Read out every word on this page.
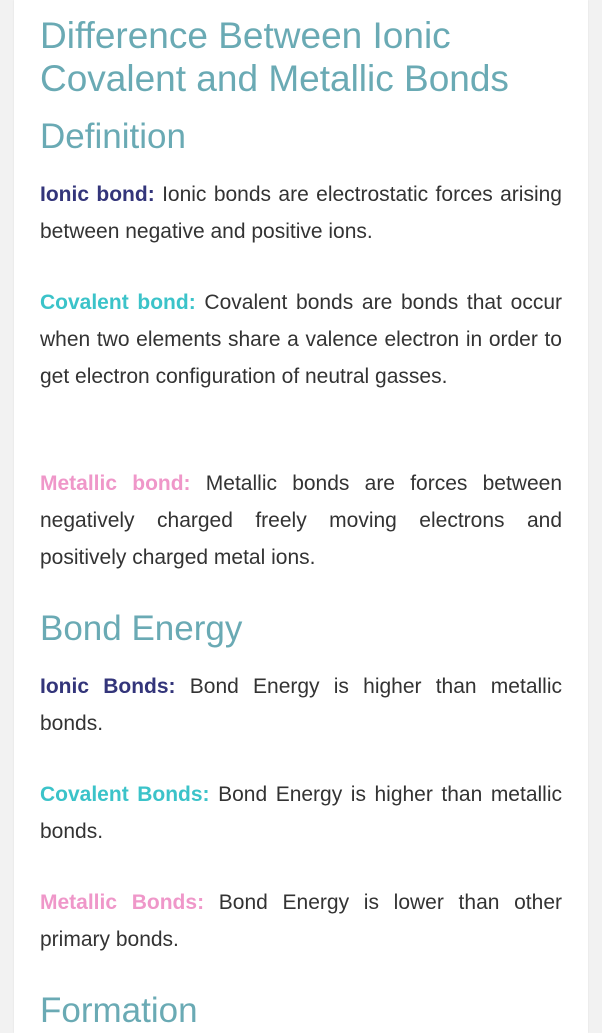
Difference Between Ionic Covalent and Metallic Bonds
Definition

Ionic bond: Ionic bonds are electrostatic forces arising between negative and positive ions.

Covalent bond: Covalent bonds are bonds that occur when two elements share a valence electron in order to get electron configuration of neutral gasses.

Metallic bond: Metallic bonds are forces between negatively charged freely moving electrons and positively charged metal ions.

Bond Energy

Ionic Bonds: Bond Energy is higher than metallic bonds.

Covalent Bonds: Bond Energy is higher than metallic bonds.

Metallic Bonds: Bond Energy is lower than other primary bonds.

Formation
